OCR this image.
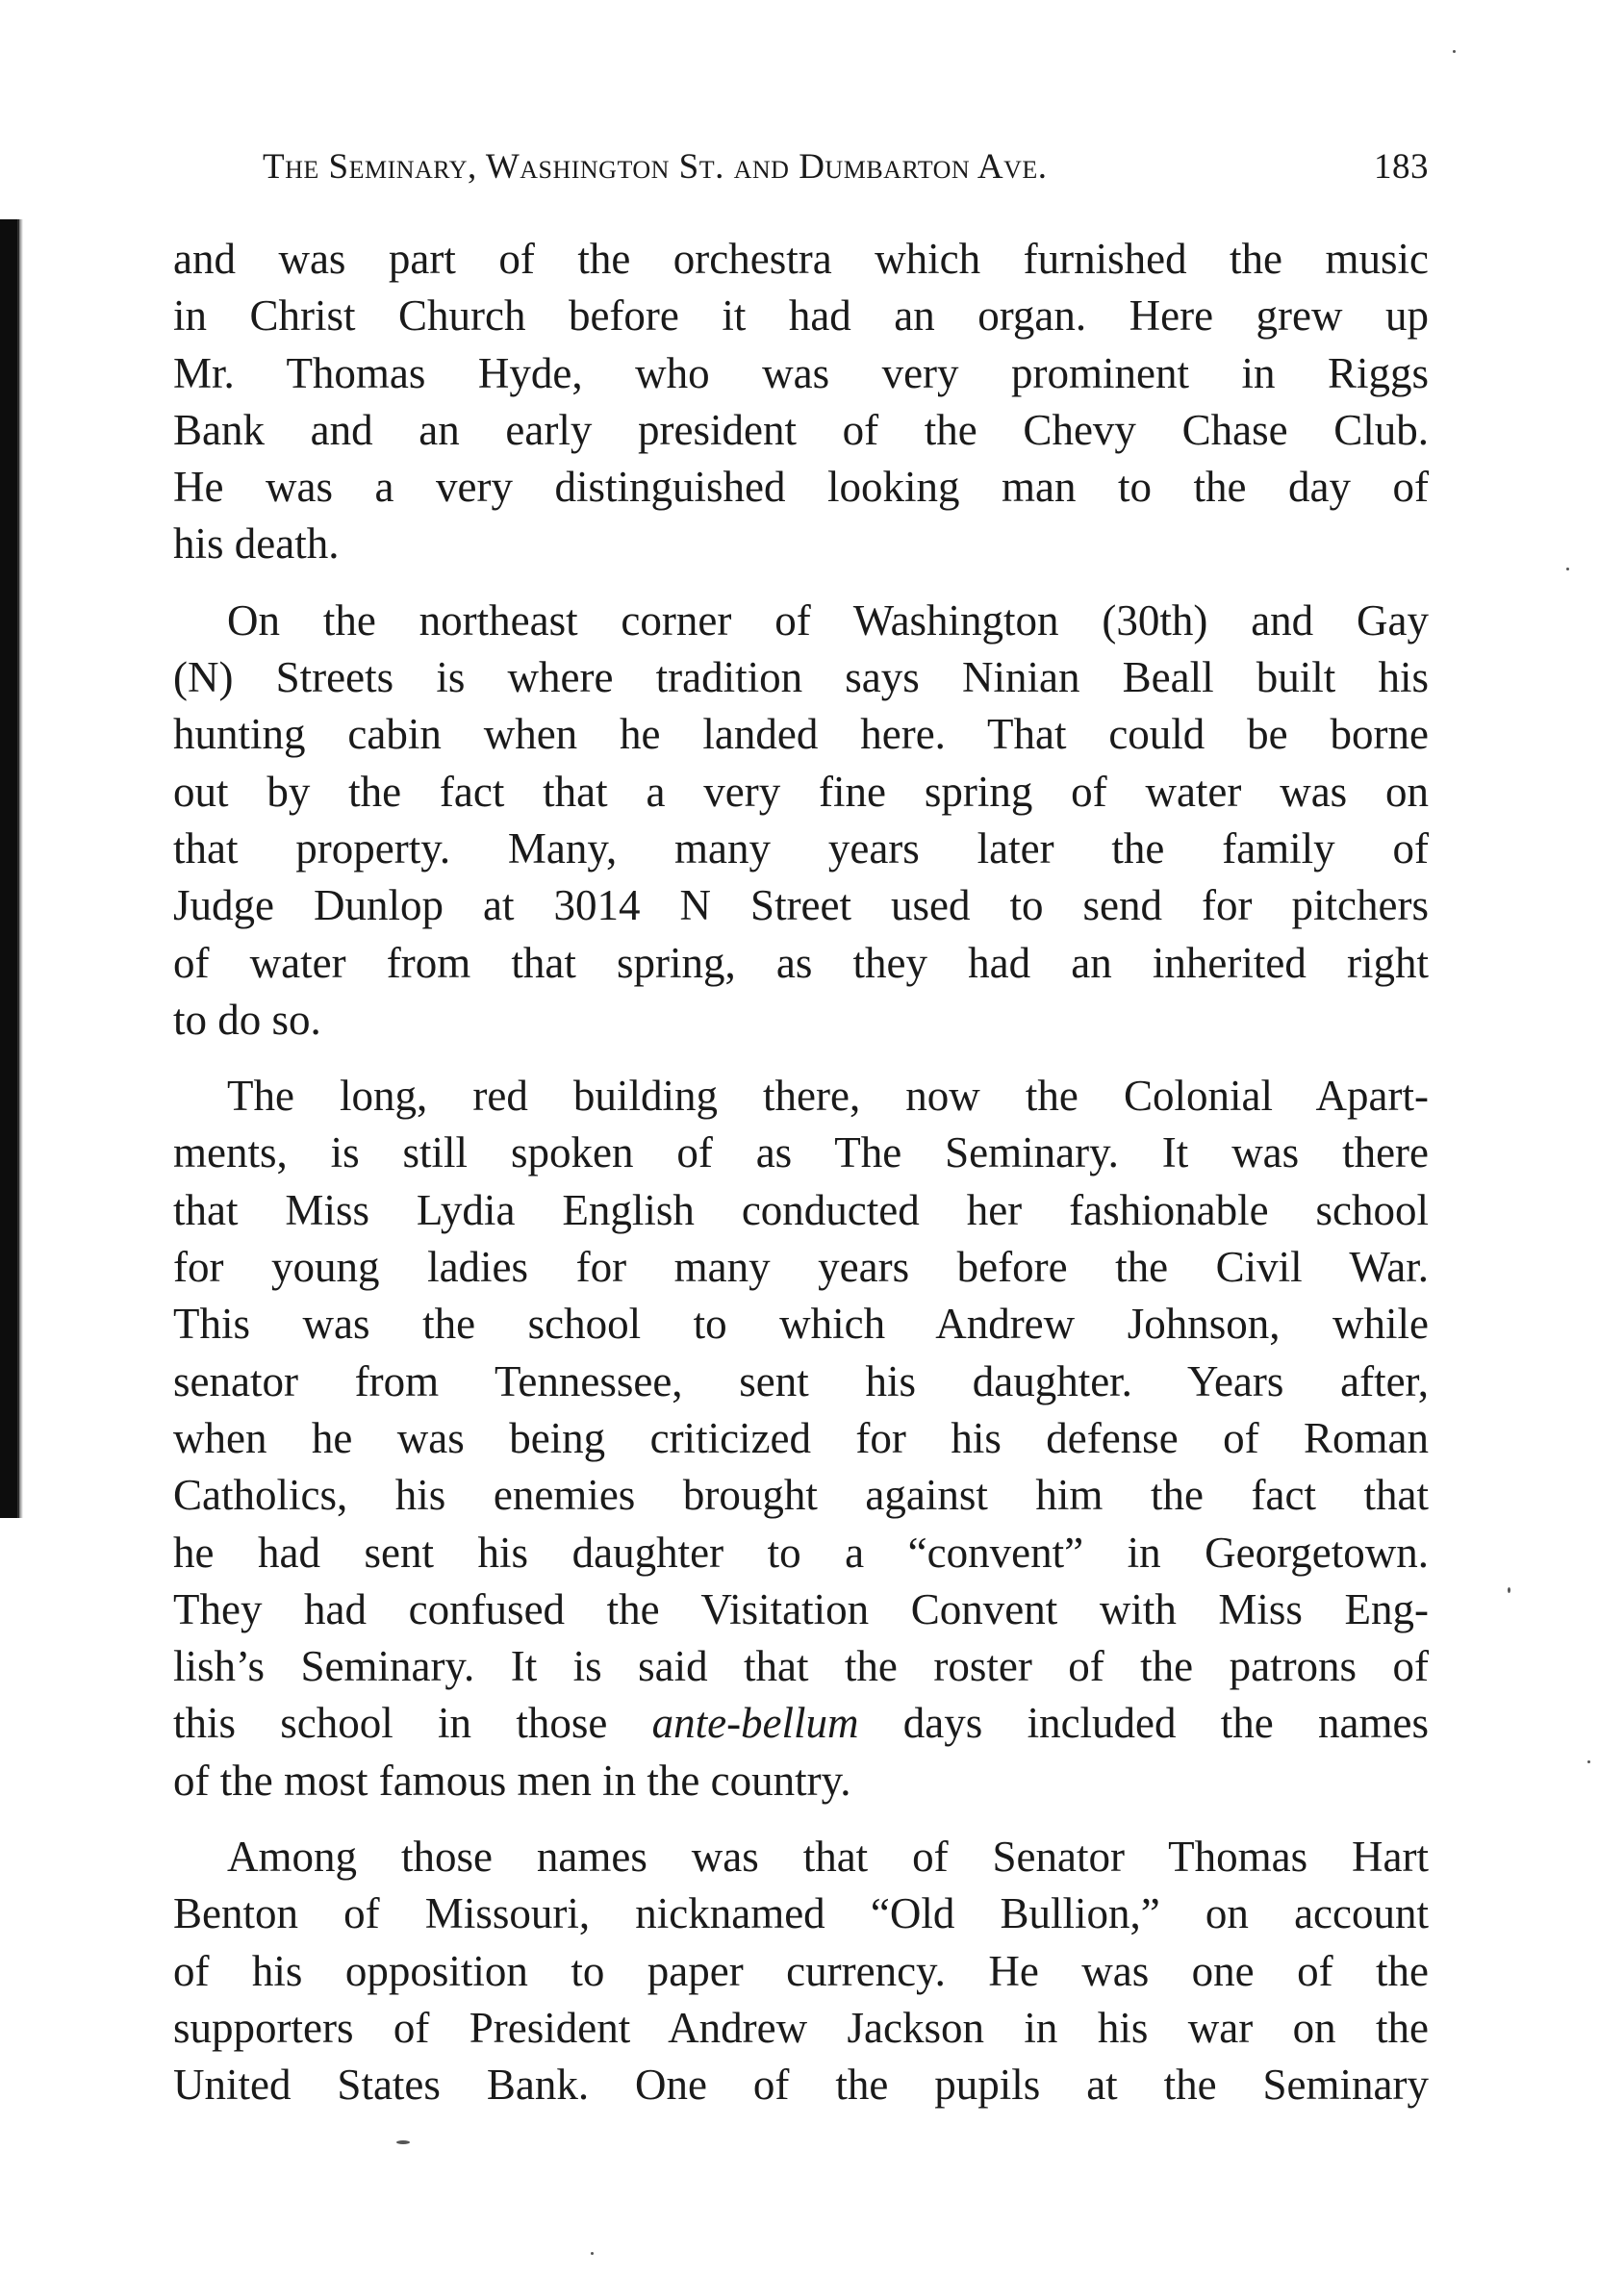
The Seminary, Washington St. and Dumbarton Ave.	183
and was part of the orchestra which furnished the music
in Christ Church before it had an organ. Here grew up
Mr. Thomas Hyde, who was very prominent in Riggs
Bank and an early president of the Chevy Chase Club.
He was a very distinguished looking man to the day of
his death.
On the northeast corner of Washington (30th) and Gay
(N) Streets is where tradition says Ninian Beall built his
hunting cabin when he landed here. That could be borne
out by the fact that a very fine spring of water was on
that property. Many, many years later the family of
Judge Dunlop at 3014 N Street used to send for pitchers
of water from that spring, as they had an inherited right
to do so.
The long, red building there, now the Colonial Apart-
ments, is still spoken of as The Seminary. It was there
that Miss Lydia English conducted her fashionable school
for young ladies for many years before the Civil War.
This was the school to which Andrew Johnson, while
senator from Tennessee, sent his daughter. Years after,
when he was being criticized for his defense of Roman
Catholics, his enemies brought against him the fact that
he had sent his daughter to a “convent” in Georgetown.
They had confused the Visitation Convent with Miss Eng-
lish’s Seminary. It is said that the roster of the patrons of
this school in those ante-bellum days included the names
of the most famous men in the country.
Among those names was that of Senator Thomas Hart
Benton of Missouri, nicknamed “Old Bullion,” on account
of his opposition to paper currency. He was one of the
supporters of President Andrew Jackson in his war on the
United States Bank. One of the pupils at the Seminary
